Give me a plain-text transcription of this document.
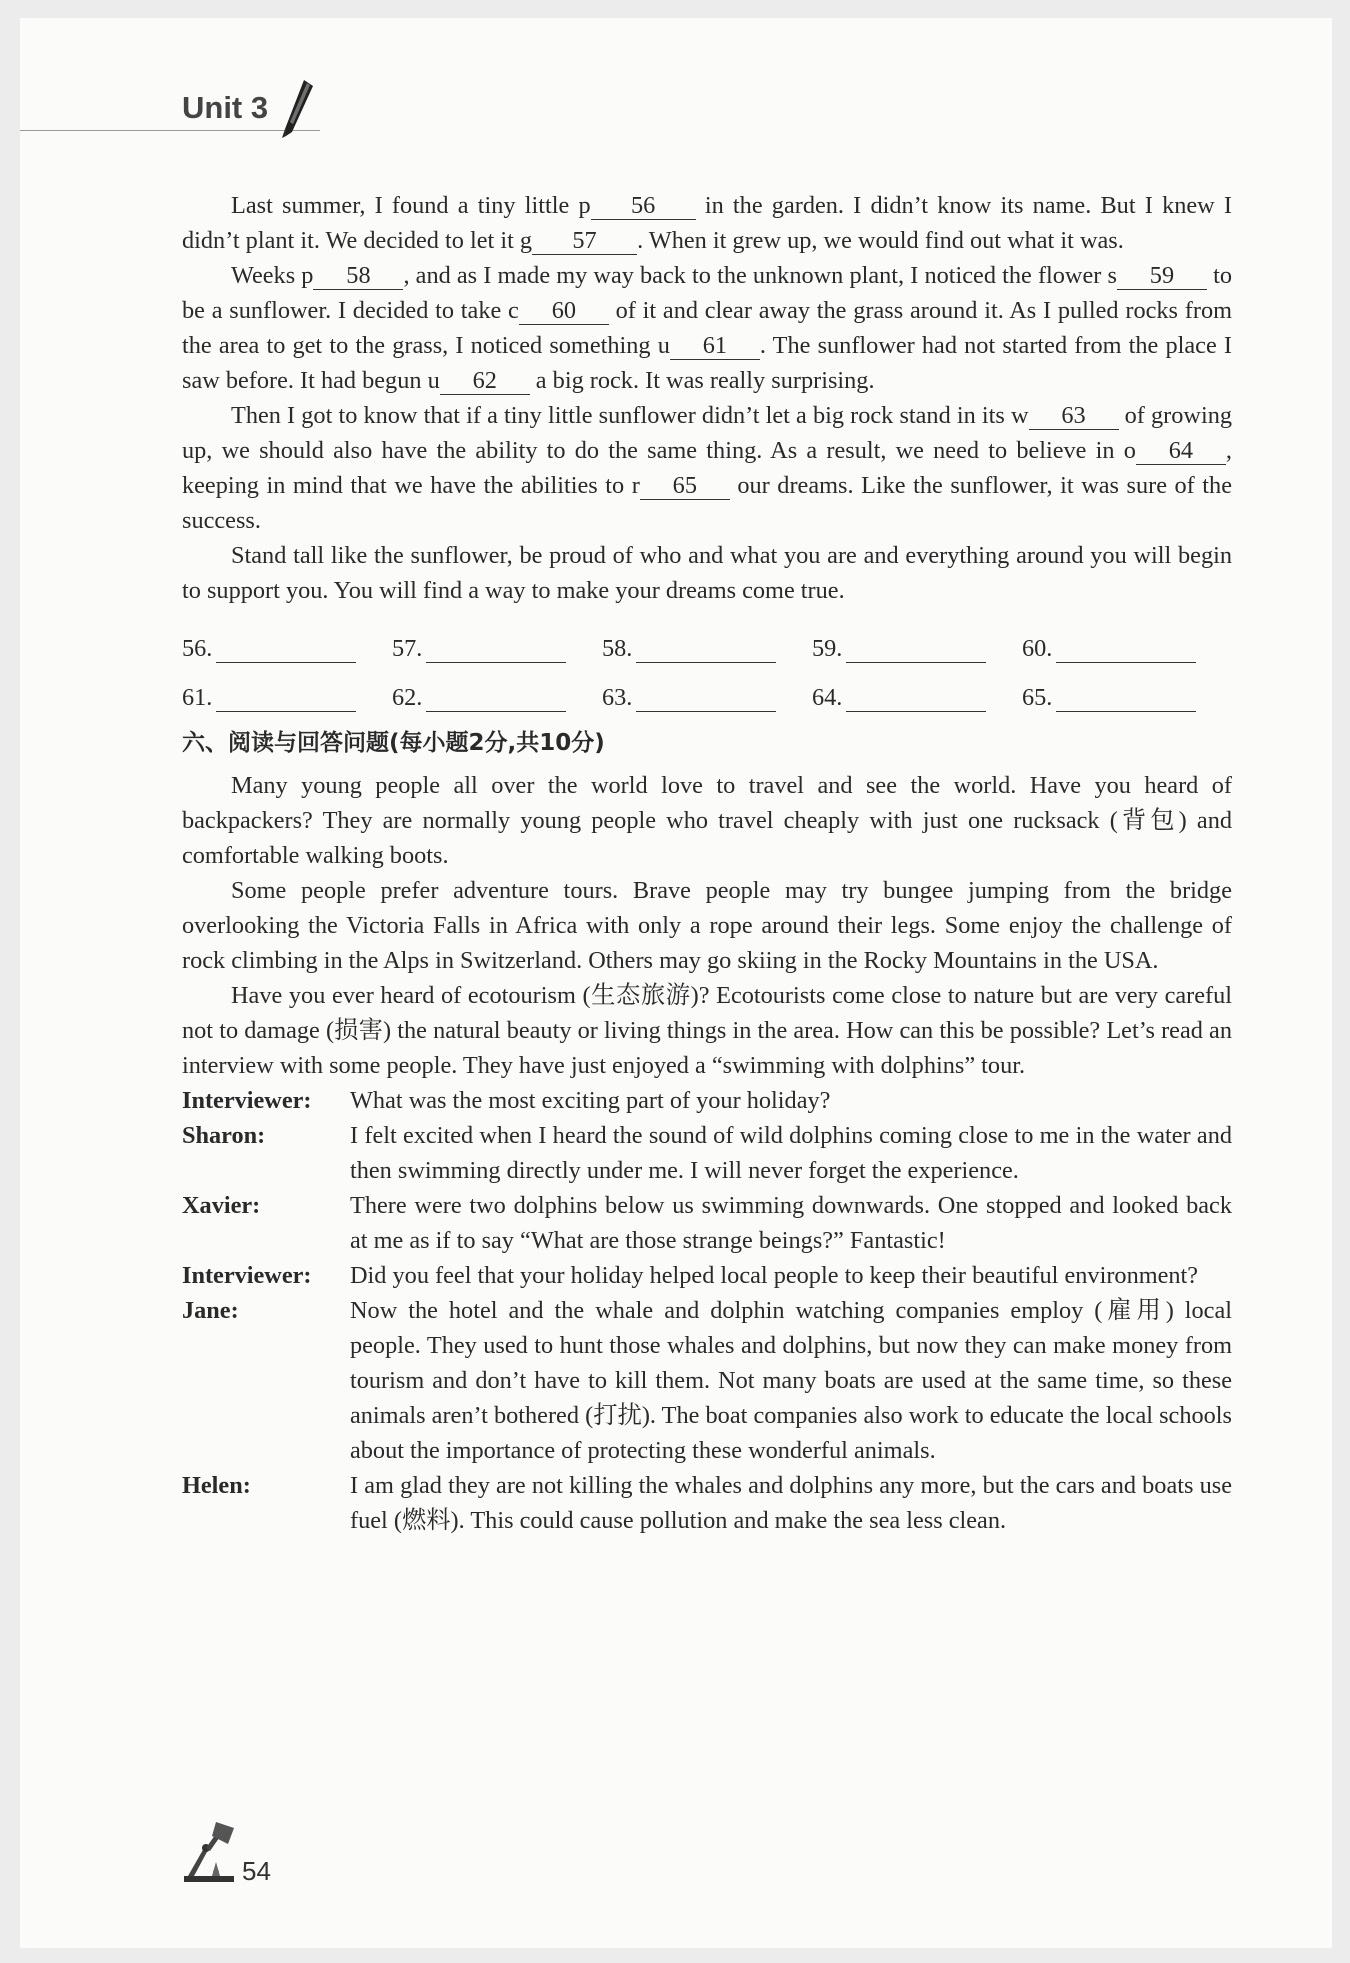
Unit 3

Last summer, I found a tiny little p 56 in the garden. I didn’t know its name. But I knew I didn’t plant it. We decided to let it g 57 . When it grew up, we would find out what it was.

Weeks p 58 , and as I made my way back to the unknown plant, I noticed the flower s 59 to be a sunflower. I decided to take c 60 of it and clear away the grass around it. As I pulled rocks from the area to get to the grass, I noticed something u 61 . The sunflower had not started from the place I saw before. It had begun u 62 a big rock. It was really surprising.

Then I got to know that if a tiny little sunflower didn’t let a big rock stand in its w 63 of growing up, we should also have the ability to do the same thing. As a result, we need to believe in o 64 , keeping in mind that we have the abilities to r 65 our dreams. Like the sunflower, it was sure of the success.

Stand tall like the sunflower, be proud of who and what you are and everything around you will begin to support you. You will find a way to make your dreams come true.

56.	57.	58.	59.	60.
61.	62.	63.	64.	65.
六、阅读与回答问题(每小题2分,共10分)

Many young people all over the world love to travel and see the world. Have you heard of backpackers? They are normally young people who travel cheaply with just one rucksack (背包) and comfortable walking boots.

Some people prefer adventure tours. Brave people may try bungee jumping from the bridge overlooking the Victoria Falls in Africa with only a rope around their legs. Some enjoy the challenge of rock climbing in the Alps in Switzerland. Others may go skiing in the Rocky Mountains in the USA.

Have you ever heard of ecotourism (生态旅游)? Ecotourists come close to nature but are very careful not to damage (损害) the natural beauty or living things in the area. How can this be possible? Let’s read an interview with some people. They have just enjoyed a “swimming with dolphins” tour.

Interviewer:	What was the most exciting part of your holiday?
Sharon:	I felt excited when I heard the sound of wild dolphins coming close to me in the water and then swimming directly under me. I will never forget the experience.
Xavier:	There were two dolphins below us swimming downwards. One stopped and looked back at me as if to say “What are those strange beings?” Fantastic!
Interviewer:	Did you feel that your holiday helped local people to keep their beautiful environment?
Jane:	Now the hotel and the whale and dolphin watching companies employ (雇用) local people. They used to hunt those whales and dolphins, but now they can make money from tourism and don’t have to kill them. Not many boats are used at the same time, so these animals aren’t bothered (打扰). The boat companies also work to educate the local schools about the importance of protecting these wonderful animals.
Helen:	I am glad they are not killing the whales and dolphins any more, but the cars and boats use fuel (燃料). This could cause pollution and make the sea less clean.
54
